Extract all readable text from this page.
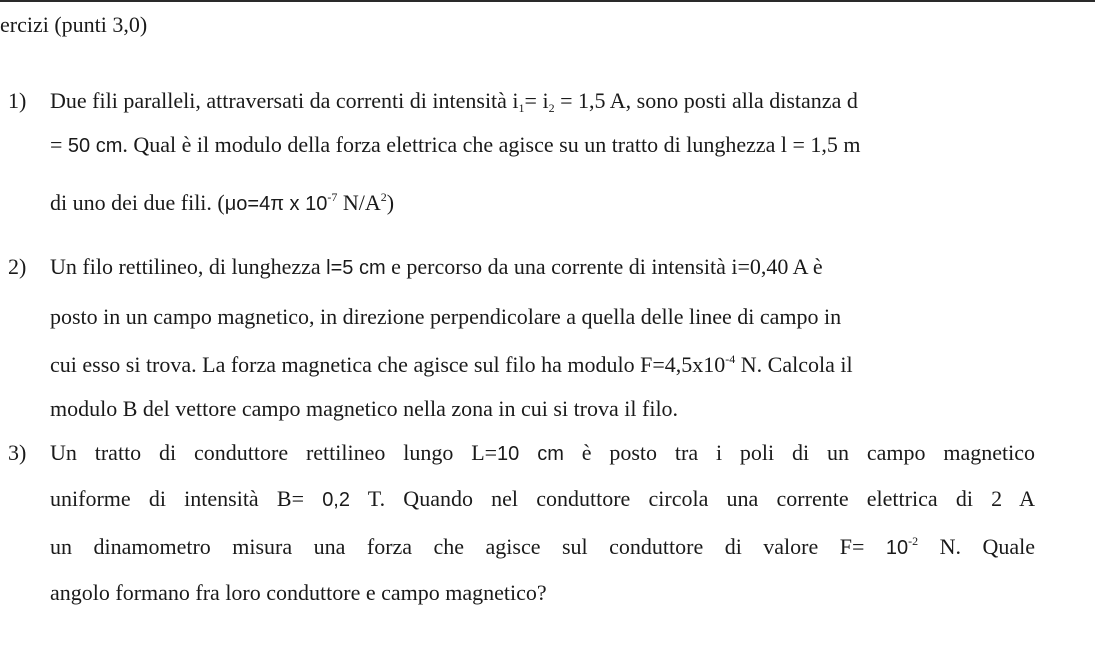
ercizi (punti 3,0)
1) Due fili paralleli, attraversati da correnti di intensità $i_1= i_2 = 1,5$ A, sono posti alla distanza d
= 50 cm. Qual è il modulo della forza elettrica che agisce su un tratto di lunghezza l = 1,5 m
di uno dei due fili. (μo=4π x $10^{-7}$ $N/A^2$)
2) Un filo rettilineo, di lunghezza l=5 cm e percorso da una corrente di intensità i=0,40 A è
posto in un campo magnetico, in direzione perpendicolare a quella delle linee di campo in
cui esso si trova. La forza magnetica che agisce sul filo ha modulo $F=4,5x10^{-4}$ N. Calcola il
modulo B del vettore campo magnetico nella zona in cui si trova il filo.
3) Un tratto di conduttore rettilineo lungo L=10 cm è posto tra i poli di un campo magnetico
uniforme di intensità B= 0,2 T. Quando nel conduttore circola una corrente elettrica di 2 A
un dinamometro misura una forza che agisce sul conduttore di valore $F= 10^{-2}$ N. Quale
angolo formano fra loro conduttore e campo magnetico?
